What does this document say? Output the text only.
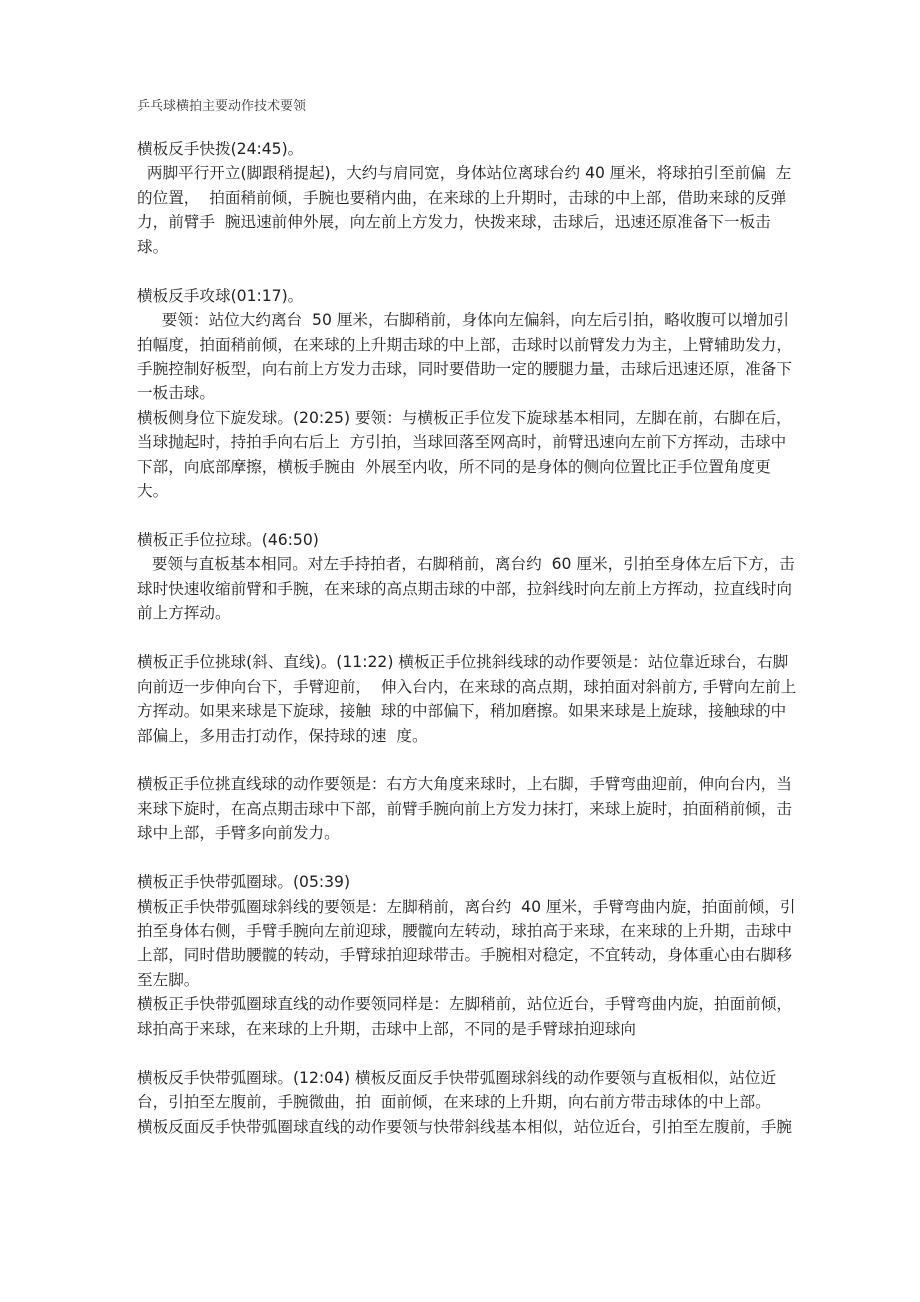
乒乓球横拍主要动作技术要领
横板反手快拨(24:45)。
两脚平行开立(脚跟稍提起)，大约与肩同宽，身体站位离球台约 40 厘米，将球拍引至前偏  左
的位置，  拍面稍前倾，手腕也要稍内曲，在来球的上升期时，击球的中上部，借助来球的反弹
力，前臂手  腕迅速前伸外展，向左前上方发力，快拨来球，击球后，迅速还原准备下一板击
球。
横板反手攻球(01:17)。
要领：站位大约离台  50 厘米，右脚稍前，身体向左偏斜，向左后引拍，略收腹可以增加引
拍幅度，拍面稍前倾，在来球的上升期击球的中上部，击球时以前臂发力为主，上臂辅助发力，
手腕控制好板型，向右前上方发力击球，同时要借助一定的腰腿力量，击球后迅速还原，准备下
一板击球。
横板侧身位下旋发球。(20:25) 要领：与横板正手位发下旋球基本相同，左脚在前，右脚在后，
当球抛起时，持拍手向右后上  方引拍，当球回落至网高时，前臂迅速向左前下方挥动，击球中
下部，向底部摩擦，横板手腕由  外展至内收，所不同的是身体的侧向位置比正手位置角度更
大。
横板正手位拉球。(46:50)
要领与直板基本相同。对左手持拍者，右脚稍前，离台约  60 厘米，引拍至身体左后下方，击
球时快速收缩前臂和手腕，在来球的高点期击球的中部，拉斜线时向左前上方挥动，拉直线时向
前上方挥动。
横板正手位挑球(斜、直线)。(11:22) 横板正手位挑斜线球的动作要领是：站位靠近球台，右脚
向前迈一步伸向台下，手臂迎前，  伸入台内，在来球的高点期，球拍面对斜前方, 手臂向左前上
方挥动。如果来球是下旋球，接触  球的中部偏下，稍加磨擦。如果来球是上旋球，接触球的中
部偏上，多用击打动作，保持球的速  度。
横板正手位挑直线球的动作要领是：右方大角度来球时，上右脚，手臂弯曲迎前，伸向台内，当
来球下旋时，在高点期击球中下部，前臂手腕向前上方发力抹打，来球上旋时，拍面稍前倾，击
球中上部，手臂多向前发力。
横板正手快带弧圈球。(05:39)
横板正手快带弧圈球斜线的要领是：左脚稍前，离台约  40 厘米，手臂弯曲内旋，拍面前倾，引
拍至身体右侧，手臂手腕向左前迎球，腰髋向左转动，球拍高于来球，在来球的上升期，击球中
上部，同时借助腰髋的转动，手臂球拍迎球带击。手腕相对稳定，不宜转动，身体重心由右脚移
至左脚。
横板正手快带弧圈球直线的动作要领同样是：左脚稍前，站位近台，手臂弯曲内旋，拍面前倾，
球拍高于来球，在来球的上升期，击球中上部，不同的是手臂球拍迎球向
横板反手快带弧圈球。(12:04) 横板反面反手快带弧圈球斜线的动作要领与直板相似，站位近
台，引拍至左腹前，手腕微曲，拍  面前倾，在来球的上升期，向右前方带击球体的中上部。
横板反面反手快带弧圈球直线的动作要领与快带斜线基本相似，站位近台，引拍至左腹前，手腕
